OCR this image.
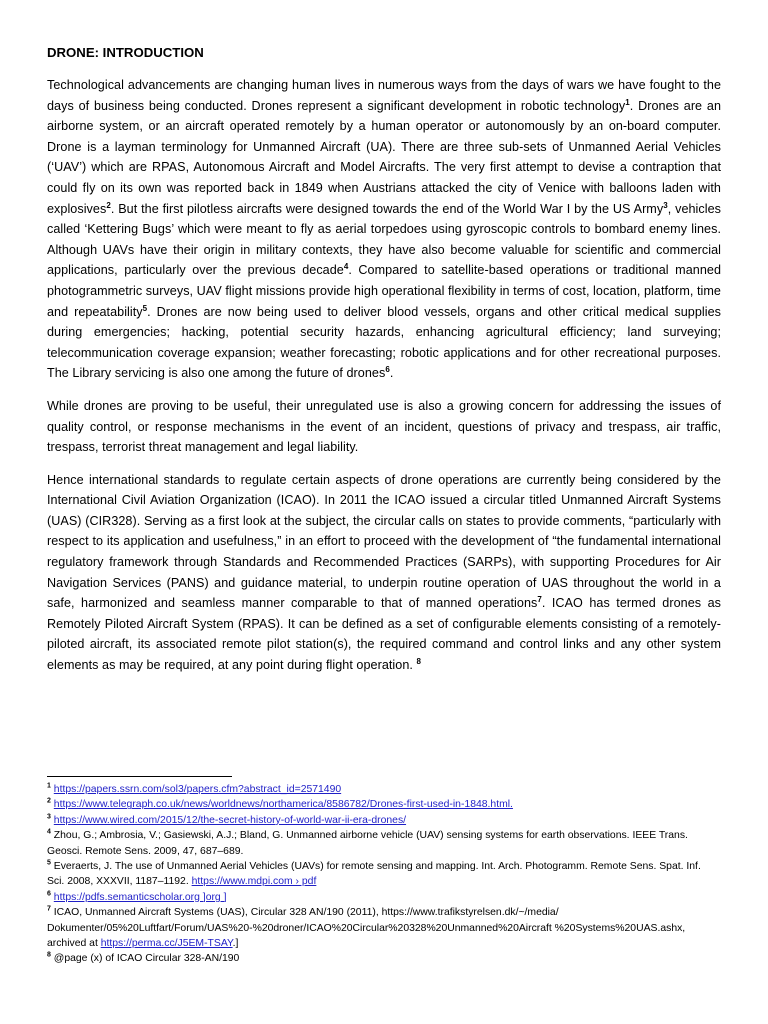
DRONE: INTRODUCTION

Technological advancements are changing human lives in numerous ways from the days of wars we have fought to the days of business being conducted. Drones represent a significant development in robotic technology$^1$. Drones are an airborne system, or an aircraft operated remotely by a human operator or autonomously by an on-board computer. Drone is a layman terminology for Unmanned Aircraft (UA). There are three sub-sets of Unmanned Aerial Vehicles (‘UAV’) which are RPAS, Autonomous Aircraft and Model Aircrafts. The very first attempt to devise a contraption that could fly on its own was reported back in 1849 when Austrians attacked the city of Venice with balloons laden with explosives$^2$. But the first pilotless aircrafts were designed towards the end of the World War I by the US Army$^3$, vehicles called ‘Kettering Bugs’ which were meant to fly as aerial torpedoes using gyroscopic controls to bombard enemy lines. Although UAVs have their origin in military contexts, they have also become valuable for scientific and commercial applications, particularly over the previous decade$^4$. Compared to satellite-based operations or traditional manned photogrammetric surveys, UAV flight missions provide high operational flexibility in terms of cost, location, platform, time and repeatability$^5$. Drones are now being used to deliver blood vessels, organs and other critical medical supplies during emergencies; hacking, potential security hazards, enhancing agricultural efficiency; land surveying; telecommunication coverage expansion; weather forecasting; robotic applications and for other recreational purposes. The Library servicing is also one among the future of drones$^6$.

While drones are proving to be useful, their unregulated use is also a growing concern for addressing the issues of quality control, or response mechanisms in the event of an incident, questions of privacy and trespass, air traffic, trespass, terrorist threat management and legal liability.

Hence international standards to regulate certain aspects of drone operations are currently being considered by the International Civil Aviation Organization (ICAO). In 2011 the ICAO issued a circular titled Unmanned Aircraft Systems (UAS) (CIR328). Serving as a first look at the subject, the circular calls on states to provide comments, “particularly with respect to its application and usefulness,” in an effort to proceed with the development of “the fundamental international regulatory framework through Standards and Recommended Practices (SARPs), with supporting Procedures for Air Navigation Services (PANS) and guidance material, to underpin routine operation of UAS throughout the world in a safe, harmonized and seamless manner comparable to that of manned operations$^7$. ICAO has termed drones as Remotely Piloted Aircraft System (RPAS). It can be defined as a set of configurable elements consisting of a remotely- piloted aircraft, its associated remote pilot station(s), the required command and control links and any other system elements as may be required, at any point during flight operation. $^8$

$^1$ https://papers.ssrn.com/sol3/papers.cfm?abstract_id=2571490

$^2$ https://www.telegraph.co.uk/news/worldnews/northamerica/8586782/Drones-first-used-in-1848.html.

$^3$ https://www.wired.com/2015/12/the-secret-history-of-world-war-ii-era-drones/

$^4$ Zhou, G.; Ambrosia, V.; Gasiewski, A.J.; Bland, G. Unmanned airborne vehicle (UAV) sensing systems for earth observations. IEEE Trans. Geosci. Remote Sens. 2009, 47, 687–689.

$^5$ Everaerts, J. The use of Unmanned Aerial Vehicles (UAVs) for remote sensing and mapping. Int. Arch. Photogramm. Remote Sens. Spat. Inf. Sci. 2008, XXXVII, 1187–1192. https://www.mdpi.com › pdf

$^6$ https://pdfs.semanticscholar.org ]org ]

$^7$ ICAO, Unmanned Aircraft Systems (UAS), Circular 328 AN/190 (2011), https://www.trafikstyrelsen.dk/~/media/ Dokumenter/05%20Luftfart/Forum/UAS%20-%20droner/ICAO%20Circular%20328%20Unmanned%20Aircraft %20Systems%20UAS.ashx, archived at https://perma.cc/J5EM-TSAY.]

$^8$ @page (x) of ICAO Circular 328-AN/190
